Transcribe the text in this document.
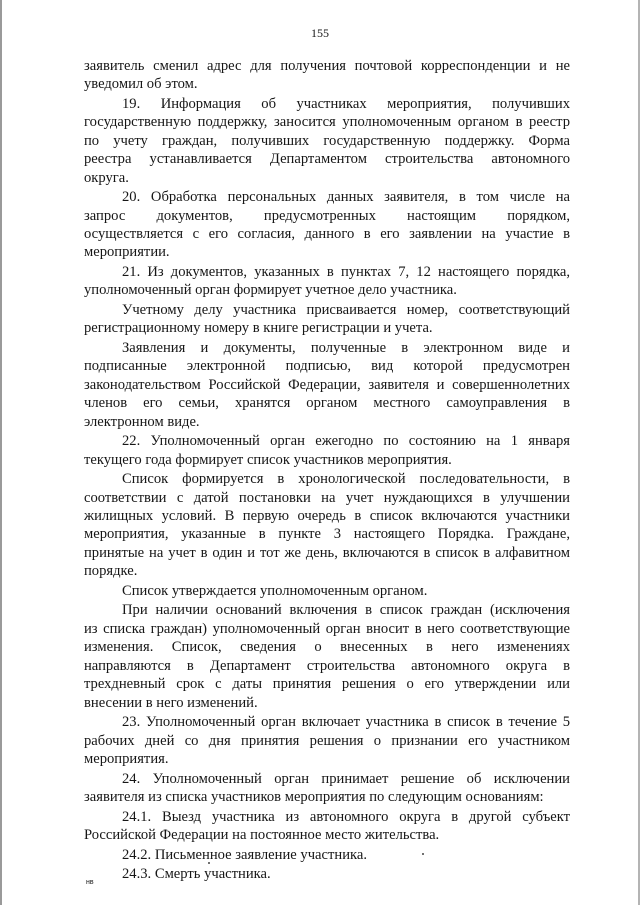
155
заявитель сменил адрес для получения почтовой корреспонденции и не
уведомил об этом.
19. Информация об участниках мероприятия, получивших
государственную поддержку, заносится уполномоченным органом в реестр
по учету граждан, получивших государственную поддержку. Форма
реестра устанавливается Департаментом строительства автономного
округа.
20. Обработка персональных данных заявителя, в том числе на
запрос документов, предусмотренных настоящим порядком,
осуществляется с его согласия, данного в его заявлении на участие в
мероприятии.
21. Из документов, указанных в пунктах 7, 12 настоящего порядка,
уполномоченный орган формирует учетное дело участника.
Учетному делу участника присваивается номер, соответствующий
регистрационному номеру в книге регистрации и учета.
Заявления и документы, полученные в электронном виде и
подписанные электронной подписью, вид которой предусмотрен
законодательством Российской Федерации, заявителя и совершеннолетних
членов его семьи, хранятся органом местного самоуправления в
электронном виде.
22. Уполномоченный орган ежегодно по состоянию на 1 января
текущего года формирует список участников мероприятия.
Список формируется в хронологической последовательности, в
соответствии с датой постановки на учет нуждающихся в улучшении
жилищных условий. В первую очередь в список включаются участники
мероприятия, указанные в пункте 3 настоящего Порядка. Граждане,
принятые на учет в один и тот же день, включаются в список в алфавитном
порядке.
Список утверждается уполномоченным органом.
При наличии оснований включения в список граждан (исключения
из списка граждан) уполномоченный орган вносит в него соответствующие
изменения. Список, сведения о внесенных в него изменениях
направляются в Департамент строительства автономного округа в
трехдневный срок с даты принятия решения о его утверждении или
внесении в него изменений.
23. Уполномоченный орган включает участника в список в течение 5
рабочих дней со дня принятия решения о признании его участником
мероприятия.
24. Уполномоченный орган принимает решение об исключении
заявителя из списка участников мероприятия по следующим основаниям:
24.1. Выезд участника из автономного округа в другой субъект
Российской Федерации на постоянное место жительства.
24.2. Письменное заявление участника.
24.3. Смерть участника.
нв
